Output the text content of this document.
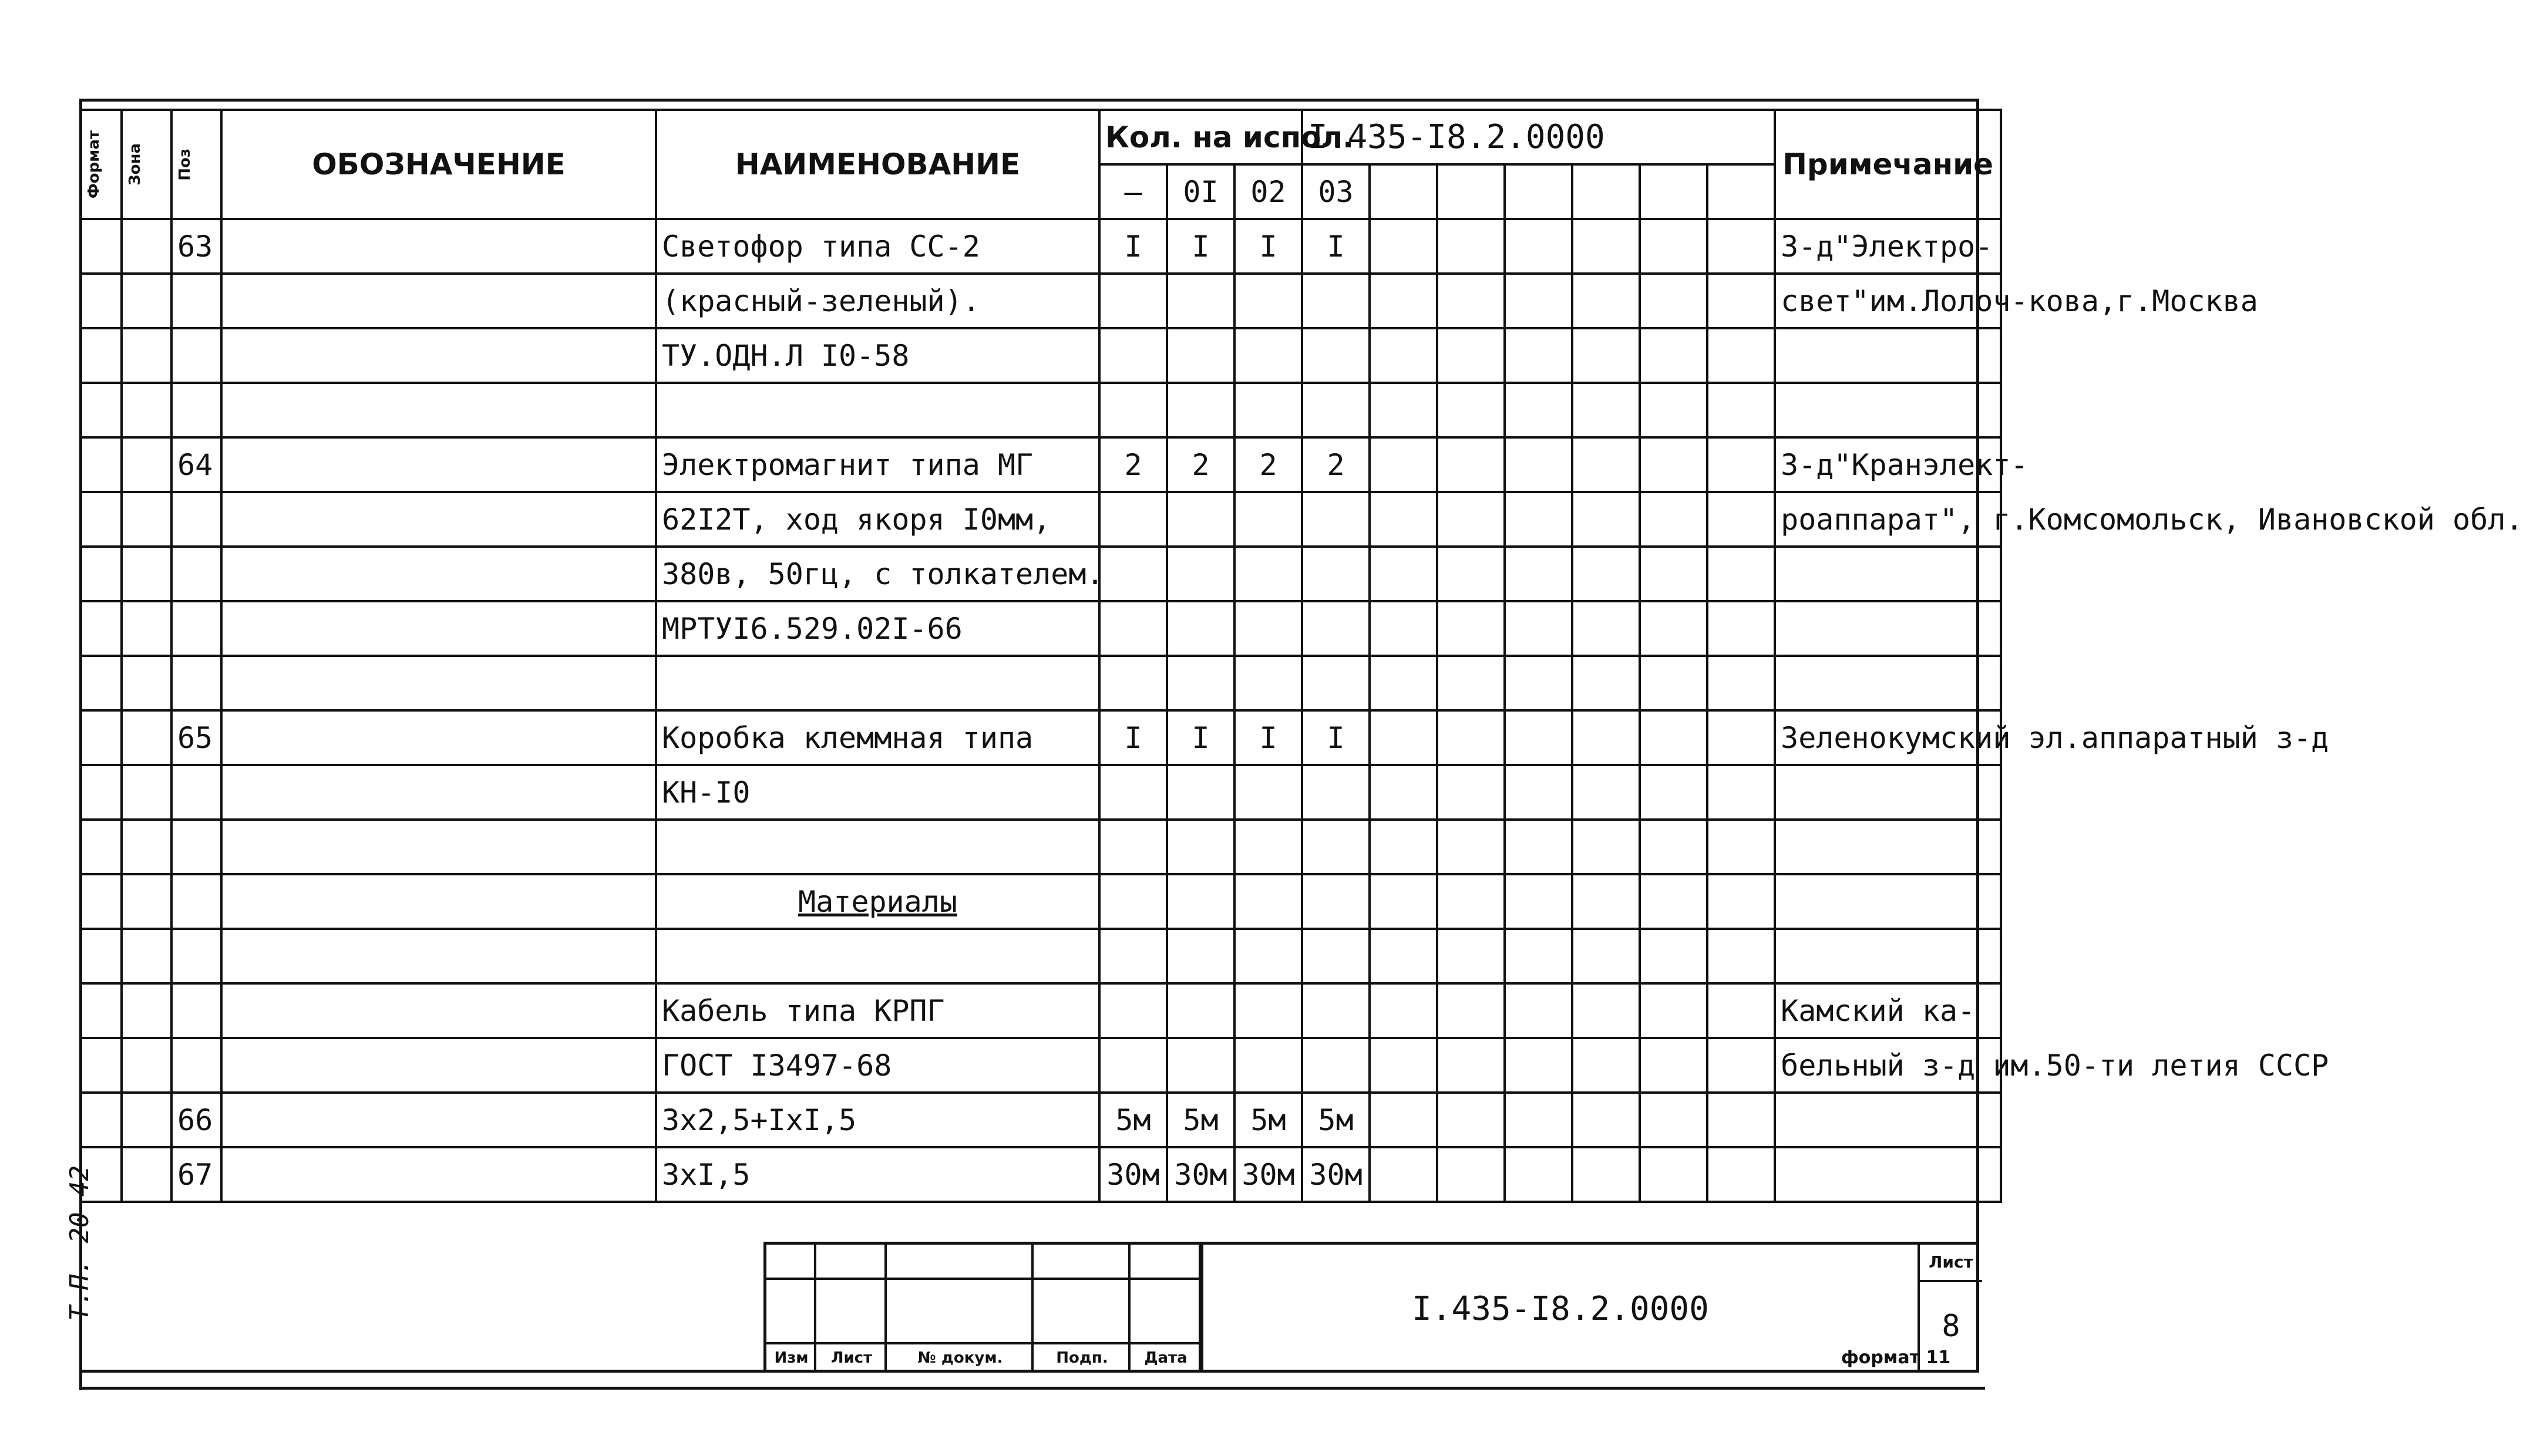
Формат	Зона	Поз	ОБОЗНАЧЕНИЕ	НАИМЕНОВАНИЕ	Кол. на испол.			I.435-I8.2.0000							Примечание
					–	0I	02	03							
		63		Светофор типа СС-2	I	I	I	I							З-д"Электро-
				(красный-зеленый).											свет"им.Лолоч-кова,г.Москва
				ТУ.ОДН.Л I0-58											

		64		Электромагнит типа МГ	2	2	2	2							З-д"Кранэлект-
				62I2Т, ход якоря I0мм,											роаппарат", г.Комсомольск, Ивановской обл.
				380в, 50гц, с толкателем.											
				МРТУI6.529.02I-66											

		65		Коробка клеммная типа	I	I	I	I							Зеленокумский эл.аппаратный з-д
				КН-I0											

				Материалы											

				Кабель типа КРПГ											Камский ка-
				ГОСТ I3497-68											бельный з-д им.50-ти летия СССР
		66		3х2,5+IхI,5	5м	5м	5м	5м							
		67		3хI,5	30м	30м	30м	30м							
Т.П. 20-42
Изм	Лист	№ докум.	Подп.	Дата
I.435-I8.2.0000
Лист
8
формат 11
